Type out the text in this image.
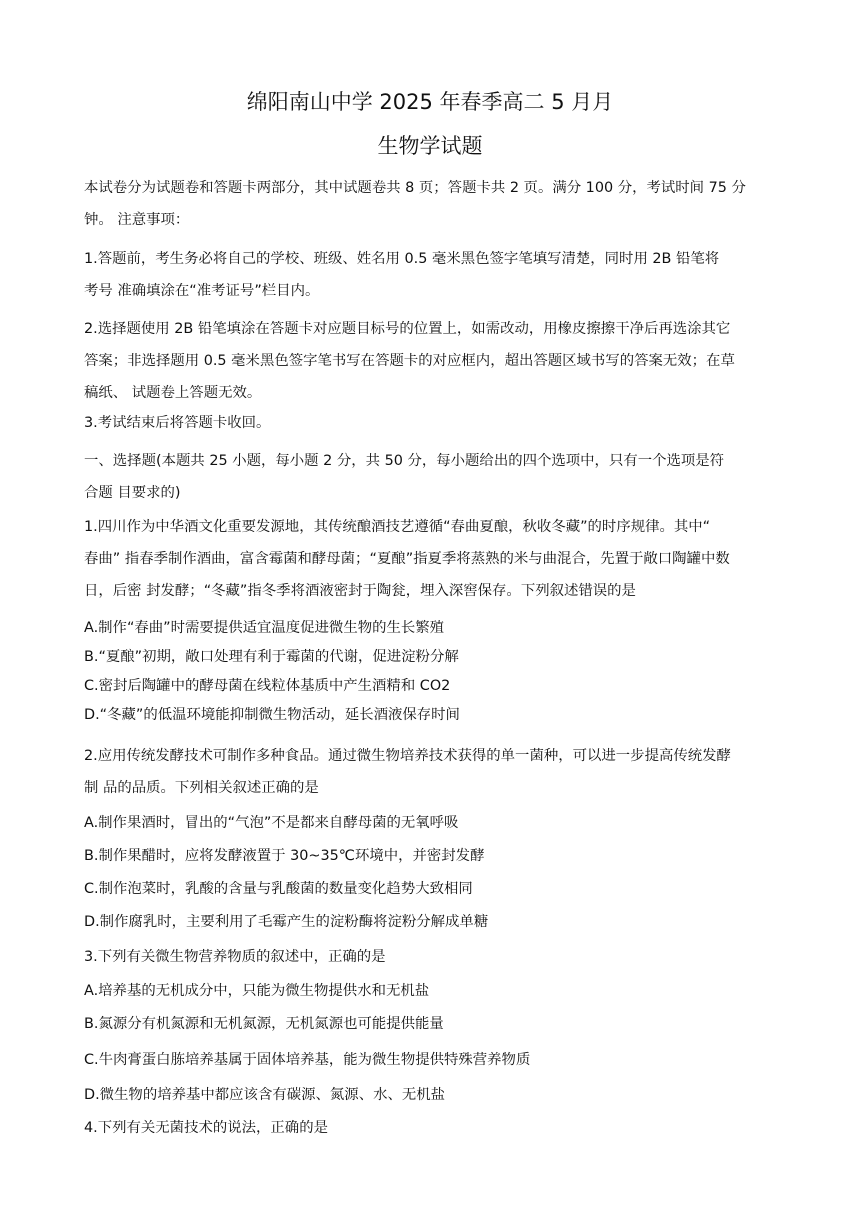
绵阳南山中学 2025 年春季高二 5 月月
生物学试题
本试卷分为试题卷和答题卡两部分，其中试题卷共 8 页；答题卡共 2 页。满分 100 分，考试时间 75 分
钟。 注意事项：
1.答题前，考生务必将自己的学校、班级、姓名用 0.5 毫米黑色签字笔填写清楚，同时用 2B 铅笔将
考号 准确填涂在“准考证号”栏目内。
2.选择题使用 2B 铅笔填涂在答题卡对应题目标号的位置上，如需改动，用橡皮擦擦干净后再选涂其它
答案；非选择题用 0.5 毫米黑色签字笔书写在答题卡的对应框内，超出答题区域书写的答案无效；在草
稿纸、 试题卷上答题无效。
3.考试结束后将答题卡收回。
一、选择题(本题共 25 小题，每小题 2 分，共 50 分，每小题给出的四个选项中，只有一个选项是符
合题 目要求的)
1.四川作为中华酒文化重要发源地，其传统酿酒技艺遵循“春曲夏酿，秋收冬藏”的时序规律。其中“
春曲” 指春季制作酒曲，富含霉菌和酵母菌；“夏酿”指夏季将蒸熟的米与曲混合，先置于敞口陶罐中数
日，后密 封发酵；“冬藏”指冬季将酒液密封于陶瓮，埋入深窖保存。下列叙述错误的是
A.制作“春曲”时需要提供适宜温度促进微生物的生长繁殖
B.“夏酿”初期，敞口处理有利于霉菌的代谢，促进淀粉分解
C.密封后陶罐中的酵母菌在线粒体基质中产生酒精和 CO2
D.“冬藏”的低温环境能抑制微生物活动，延长酒液保存时间
2.应用传统发酵技术可制作多种食品。通过微生物培养技术获得的单一菌种，可以进一步提高传统发酵
制 品的品质。下列相关叙述正确的是
A.制作果酒时，冒出的“气泡”不是都来自酵母菌的无氧呼吸
B.制作果醋时，应将发酵液置于 30~35℃环境中，并密封发酵
C.制作泡菜时，乳酸的含量与乳酸菌的数量变化趋势大致相同
D.制作腐乳时，主要利用了毛霉产生的淀粉酶将淀粉分解成单糖
3.下列有关微生物营养物质的叙述中，正确的是
A.培养基的无机成分中，只能为微生物提供水和无机盐
B.氮源分有机氮源和无机氮源，无机氮源也可能提供能量
C.牛肉膏蛋白胨培养基属于固体培养基，能为微生物提供特殊营养物质
D.微生物的培养基中都应该含有碳源、氮源、水、无机盐
4.下列有关无菌技术的说法，正确的是
